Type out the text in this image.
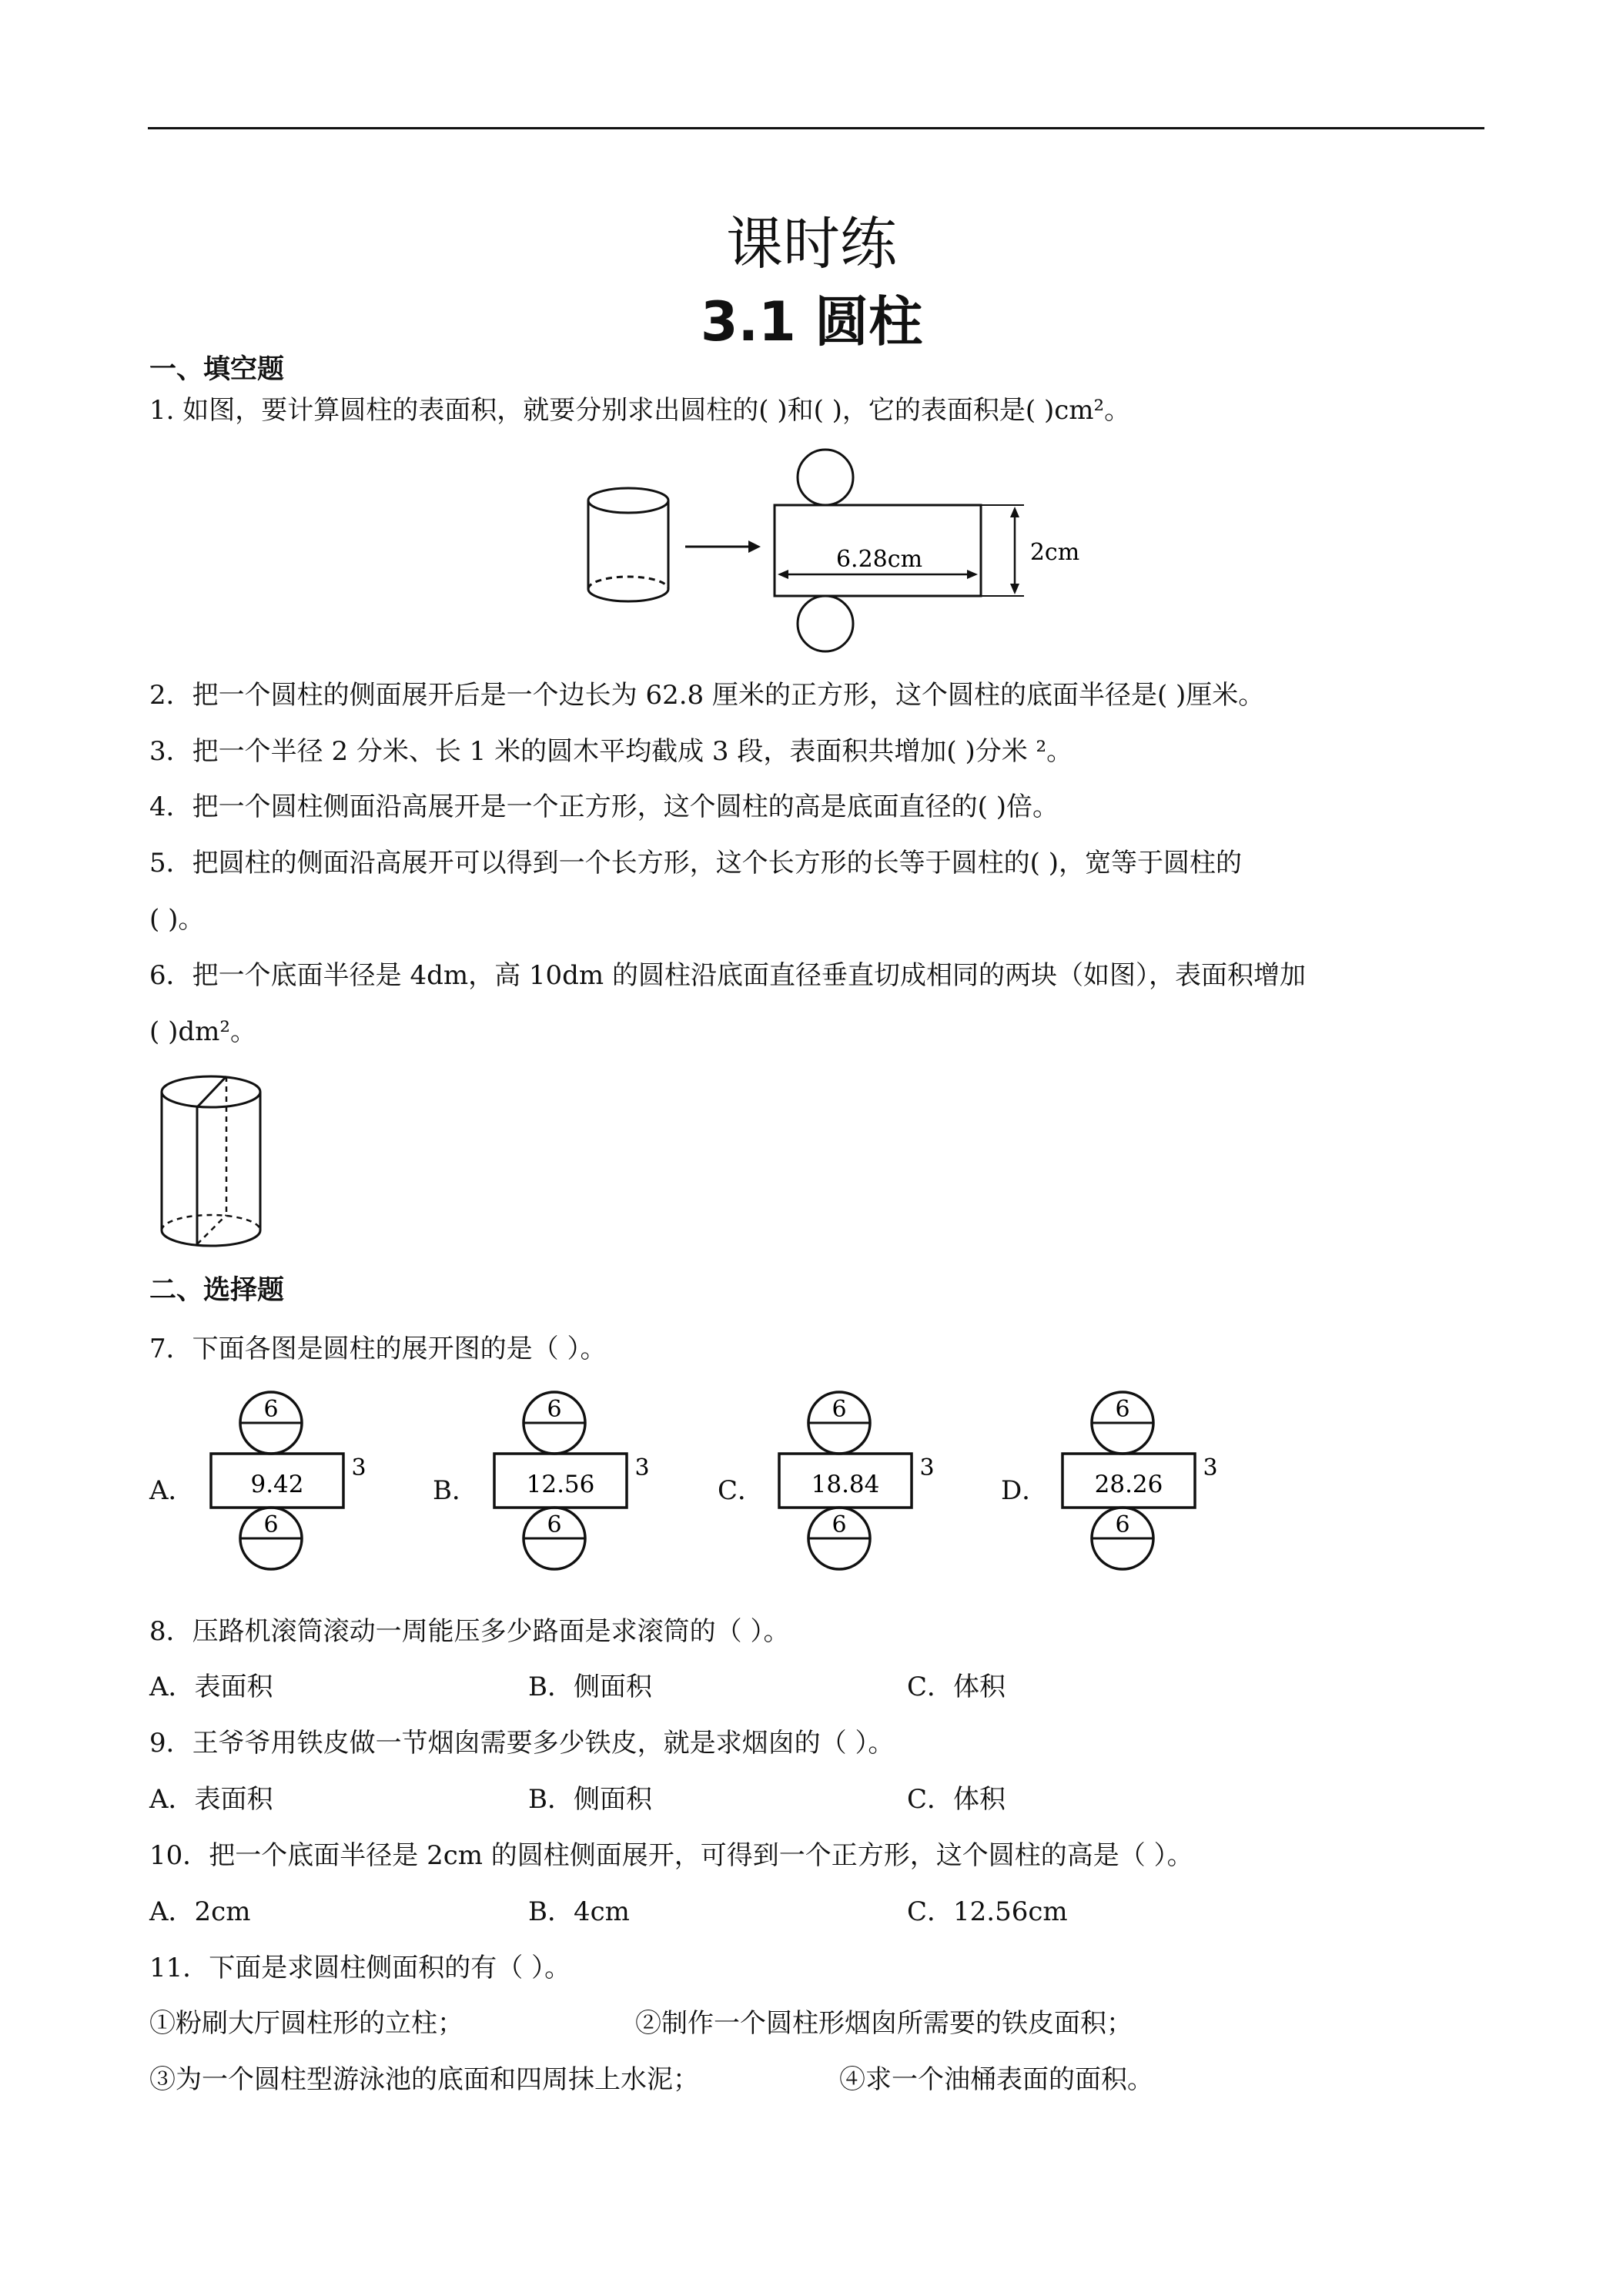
课时练
3.1 圆柱
一、填空题
1. 如图，要计算圆柱的表面积，就要分别求出圆柱的( )和( )，它的表面积是( )cm²。
6.28cm	2cm
2．把一个圆柱的侧面展开后是一个边长为 62.8 厘米的正方形，这个圆柱的底面半径是( )厘米。
3．把一个半径 2 分米、长 1 米的圆木平均截成 3 段，表面积共增加( )分米 ²。
4．把一个圆柱侧面沿高展开是一个正方形，这个圆柱的高是底面直径的( )倍。
5．把圆柱的侧面沿高展开可以得到一个长方形，这个长方形的长等于圆柱的( )，宽等于圆柱的
( )。
6．把一个底面半径是 4dm，高 10dm 的圆柱沿底面直径垂直切成相同的两块（如图），表面积增加
( )dm²。
二、选择题
7．下面各图是圆柱的展开图的是（ ）。
A．
6
9.42
3
6
B．
6
12.56
3
6
C．
6
18.84
3
6
D．
6
28.26
3
6
8．压路机滚筒滚动一周能压多少路面是求滚筒的（ ）。
A．表面积	B．侧面积	C．体积
9．王爷爷用铁皮做一节烟囱需要多少铁皮，就是求烟囱的（ ）。
A．表面积	B．侧面积	C．体积
10．把一个底面半径是 2cm 的圆柱侧面展开，可得到一个正方形，这个圆柱的高是（ ）。
A．2cm	B．4cm	C．12.56cm
11．下面是求圆柱侧面积的有（ ）。
①粉刷大厅圆柱形的立柱；	②制作一个圆柱形烟囱所需要的铁皮面积；
③为一个圆柱型游泳池的底面和四周抹上水泥；	④求一个油桶表面的面积。
